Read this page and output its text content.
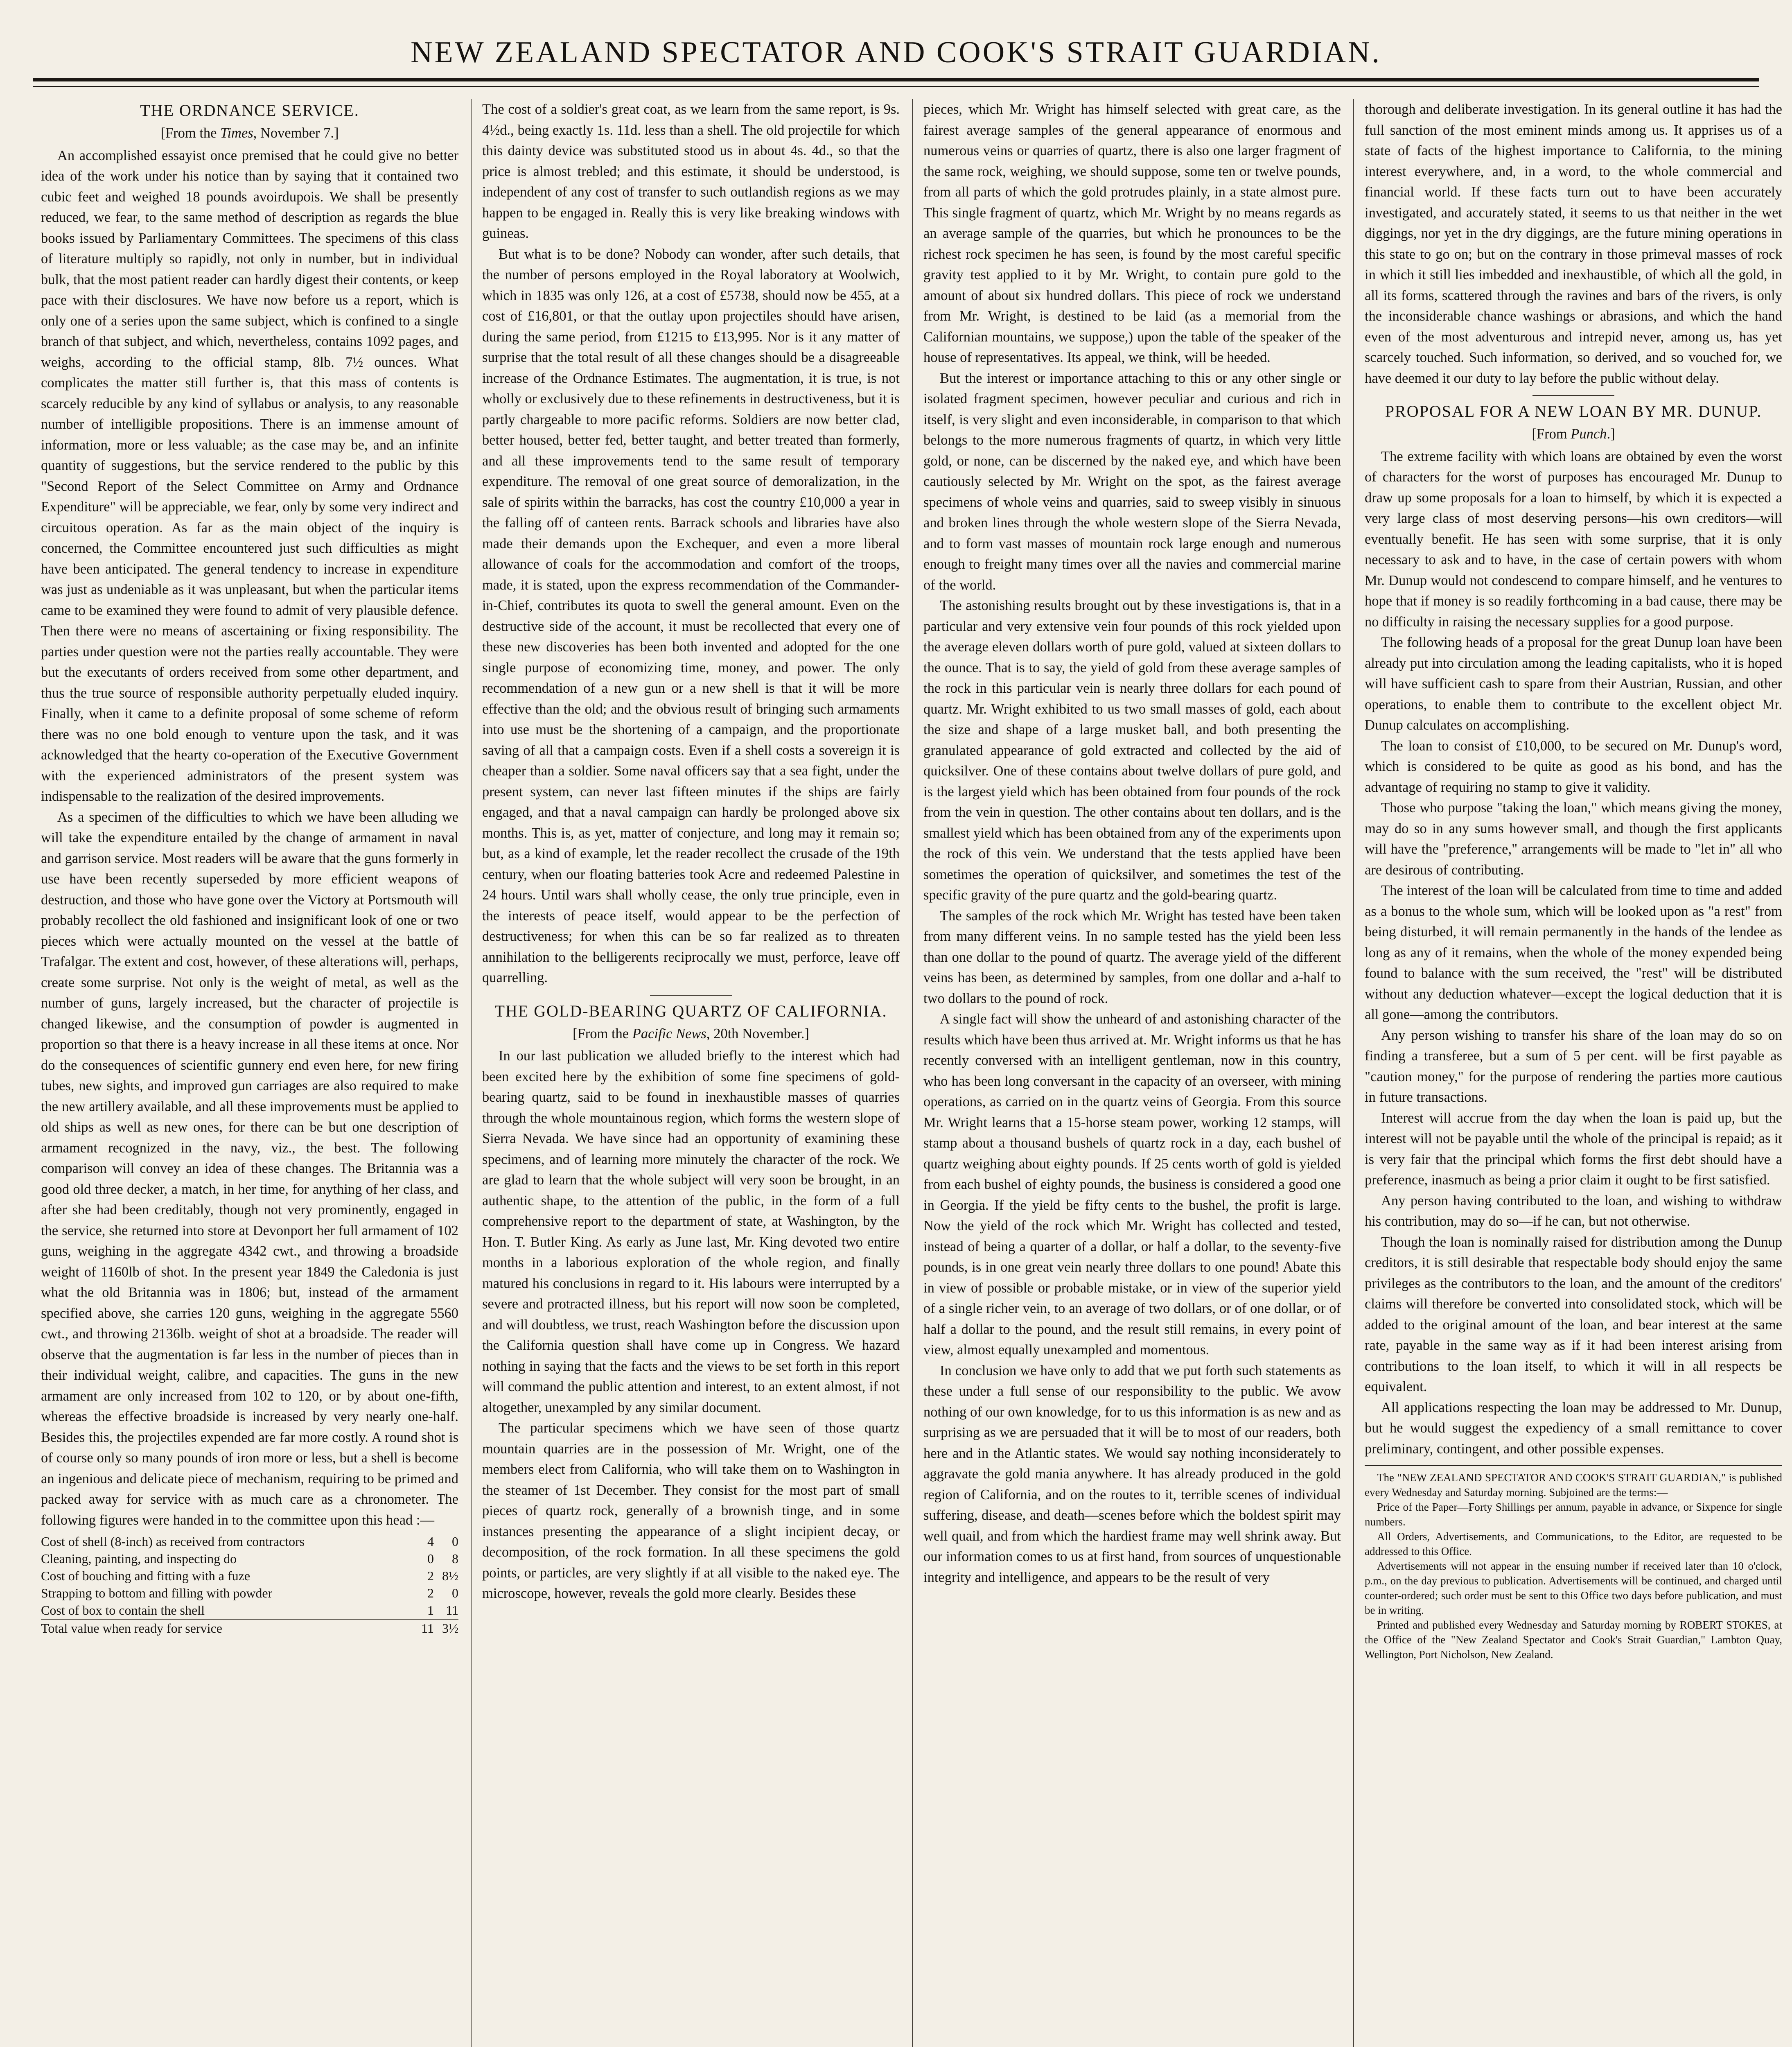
NEW ZEALAND SPECTATOR AND COOK'S STRAIT GUARDIAN.
THE ORDNANCE SERVICE.
[From the Times, November 7.]

An accomplished essayist once premised that he could give no better idea of the work under his notice than by saying that it contained two cubic feet and weighed 18 pounds avoirdupois. We shall be presently reduced, we fear, to the same method of description as regards the blue books issued by Parliamentary Committees. The specimens of this class of literature multiply so rapidly, not only in number, but in individual bulk, that the most patient reader can hardly digest their contents, or keep pace with their disclosures. We have now before us a report, which is only one of a series upon the same subject, which is confined to a single branch of that subject, and which, nevertheless, contains 1092 pages, and weighs, according to the official stamp, 8lb. 7½ ounces. What complicates the matter still further is, that this mass of contents is scarcely reducible by any kind of syllabus or analysis, to any reasonable number of intelligible propositions. There is an immense amount of information, more or less valuable; as the case may be, and an infinite quantity of suggestions, but the service rendered to the public by this "Second Report of the Select Committee on Army and Ordnance Expenditure" will be appreciable, we fear, only by some very indirect and circuitous operation. As far as the main object of the inquiry is concerned, the Committee encountered just such difficulties as might have been anticipated. The general tendency to increase in expenditure was just as undeniable as it was unpleasant, but when the particular items came to be examined they were found to admit of very plausible defence. Then there were no means of ascertaining or fixing responsibility. The parties under question were not the parties really accountable. They were but the executants of orders received from some other department, and thus the true source of responsible authority perpetually eluded inquiry. Finally, when it came to a definite proposal of some scheme of reform there was no one bold enough to venture upon the task, and it was acknowledged that the hearty co-operation of the Executive Government with the experienced administrators of the present system was indispensable to the realization of the desired improvements.

As a specimen of the difficulties to which we have been alluding we will take the expenditure entailed by the change of armament in naval and garrison service. Most readers will be aware that the guns formerly in use have been recently superseded by more efficient weapons of destruction, and those who have gone over the Victory at Portsmouth will probably recollect the old fashioned and insignificant look of one or two pieces which were actually mounted on the vessel at the battle of Trafalgar. The extent and cost, however, of these alterations will, perhaps, create some surprise. Not only is the weight of metal, as well as the number of guns, largely increased, but the character of projectile is changed likewise, and the consumption of powder is augmented in proportion so that there is a heavy increase in all these items at once. Nor do the consequences of scientific gunnery end even here, for new firing tubes, new sights, and improved gun carriages are also required to make the new artillery available, and all these improvements must be applied to old ships as well as new ones, for there can be but one description of armament recognized in the navy, viz., the best. The following comparison will convey an idea of these changes. The Britannia was a good old three decker, a match, in her time, for anything of her class, and after she had been creditably, though not very prominently, engaged in the service, she returned into store at Devonport her full armament of 102 guns, weighing in the aggregate 4342 cwt., and throwing a broadside weight of 1160lb of shot. In the present year 1849 the Caledonia is just what the old Britannia was in 1806; but, instead of the armament specified above, she carries 120 guns, weighing in the aggregate 5560 cwt., and throwing 2136lb. weight of shot at a broadside. The reader will observe that the augmentation is far less in the number of pieces than in their individual weight, calibre, and capacities. The guns in the new armament are only increased from 102 to 120, or by about one-fifth, whereas the effective broadside is increased by very nearly one-half. Besides this, the projectiles expended are far more costly. A round shot is of course only so many pounds of iron more or less, but a shell is become an ingenious and delicate piece of mechanism, requiring to be primed and packed away for service with as much care as a chronometer. The following figures were handed in to the committee upon this head :—

Cost of shell (8-inch) as received from contractors	4	0
Cleaning, painting, and inspecting do	0	8
Cost of bouching and fitting with a fuze	2	8½
Strapping to bottom and filling with powder	2	0
Cost of box to contain the shell	1	11
Total value when ready for service	11	3½

The cost of a soldier's great coat, as we learn from the same report, is 9s. 4½d., being exactly 1s. 11d. less than a shell. The old projectile for which this dainty device was substituted stood us in about 4s. 4d., so that the price is almost trebled; and this estimate, it should be understood, is independent of any cost of transfer to such outlandish regions as we may happen to be engaged in. Really this is very like breaking windows with guineas.

But what is to be done? Nobody can wonder, after such details, that the number of persons employed in the Royal laboratory at Woolwich, which in 1835 was only 126, at a cost of £5738, should now be 455, at a cost of £16,801, or that the outlay upon projectiles should have arisen, during the same period, from £1215 to £13,995. Nor is it any matter of surprise that the total result of all these changes should be a disagreeable increase of the Ordnance Estimates. The augmentation, it is true, is not wholly or exclusively due to these refinements in destructiveness, but it is partly chargeable to more pacific reforms. Soldiers are now better clad, better housed, better fed, better taught, and better treated than formerly, and all these improvements tend to the same result of temporary expenditure. The removal of one great source of demoralization, in the sale of spirits within the barracks, has cost the country £10,000 a year in the falling off of canteen rents. Barrack schools and libraries have also made their demands upon the Exchequer, and even a more liberal allowance of coals for the accommodation and comfort of the troops, made, it is stated, upon the express recommendation of the Commander-in-Chief, contributes its quota to swell the general amount. Even on the destructive side of the account, it must be recollected that every one of these new discoveries has been both invented and adopted for the one single purpose of economizing time, money, and power. The only recommendation of a new gun or a new shell is that it will be more effective than the old; and the obvious result of bringing such armaments into use must be the shortening of a campaign, and the proportionate saving of all that a campaign costs. Even if a shell costs a sovereign it is cheaper than a soldier. Some naval officers say that a sea fight, under the present system, can never last fifteen minutes if the ships are fairly engaged, and that a naval campaign can hardly be prolonged above six months. This is, as yet, matter of conjecture, and long may it remain so; but, as a kind of example, let the reader recollect the crusade of the 19th century, when our floating batteries took Acre and redeemed Palestine in 24 hours. Until wars shall wholly cease, the only true principle, even in the interests of peace itself, would appear to be the perfection of destructiveness; for when this can be so far realized as to threaten annihilation to the belligerents reciprocally we must, perforce, leave off quarrelling.

THE GOLD-BEARING QUARTZ OF CALIFORNIA.
[From the Pacific News, 20th November.]

In our last publication we alluded briefly to the interest which had been excited here by the exhibition of some fine specimens of gold-bearing quartz, said to be found in inexhaustible masses of quarries through the whole mountainous region, which forms the western slope of Sierra Nevada. We have since had an opportunity of examining these specimens, and of learning more minutely the character of the rock. We are glad to learn that the whole subject will very soon be brought, in an authentic shape, to the attention of the public, in the form of a full comprehensive report to the department of state, at Washington, by the Hon. T. Butler King. As early as June last, Mr. King devoted two entire months in a laborious exploration of the whole region, and finally matured his conclusions in regard to it. His labours were interrupted by a severe and protracted illness, but his report will now soon be completed, and will doubtless, we trust, reach Washington before the discussion upon the California question shall have come up in Congress. We hazard nothing in saying that the facts and the views to be set forth in this report will command the public attention and interest, to an extent almost, if not altogether, unexampled by any similar document.

The particular specimens which we have seen of those quartz mountain quarries are in the possession of Mr. Wright, one of the members elect from California, who will take them on to Washington in the steamer of 1st December. They consist for the most part of small pieces of quartz rock, generally of a brownish tinge, and in some instances presenting the appearance of a slight incipient decay, or decomposition, of the rock formation. In all these specimens the gold points, or particles, are very slightly if at all visible to the naked eye. The microscope, however, reveals the gold more clearly. Besides these

pieces, which Mr. Wright has himself selected with great care, as the fairest average samples of the general appearance of enormous and numerous veins or quarries of quartz, there is also one larger fragment of the same rock, weighing, we should suppose, some ten or twelve pounds, from all parts of which the gold protrudes plainly, in a state almost pure. This single fragment of quartz, which Mr. Wright by no means regards as an average sample of the quarries, but which he pronounces to be the richest rock specimen he has seen, is found by the most careful specific gravity test applied to it by Mr. Wright, to contain pure gold to the amount of about six hundred dollars. This piece of rock we understand from Mr. Wright, is destined to be laid (as a memorial from the Californian mountains, we suppose,) upon the table of the speaker of the house of representatives. Its appeal, we think, will be heeded.

But the interest or importance attaching to this or any other single or isolated fragment specimen, however peculiar and curious and rich in itself, is very slight and even inconsiderable, in comparison to that which belongs to the more numerous fragments of quartz, in which very little gold, or none, can be discerned by the naked eye, and which have been cautiously selected by Mr. Wright on the spot, as the fairest average specimens of whole veins and quarries, said to sweep visibly in sinuous and broken lines through the whole western slope of the Sierra Nevada, and to form vast masses of mountain rock large enough and numerous enough to freight many times over all the navies and commercial marine of the world.

The astonishing results brought out by these investigations is, that in a particular and very extensive vein four pounds of this rock yielded upon the average eleven dollars worth of pure gold, valued at sixteen dollars to the ounce. That is to say, the yield of gold from these average samples of the rock in this particular vein is nearly three dollars for each pound of quartz. Mr. Wright exhibited to us two small masses of gold, each about the size and shape of a large musket ball, and both presenting the granulated appearance of gold extracted and collected by the aid of quicksilver. One of these contains about twelve dollars of pure gold, and is the largest yield which has been obtained from four pounds of the rock from the vein in question. The other contains about ten dollars, and is the smallest yield which has been obtained from any of the experiments upon the rock of this vein. We understand that the tests applied have been sometimes the operation of quicksilver, and sometimes the test of the specific gravity of the pure quartz and the gold-bearing quartz.

The samples of the rock which Mr. Wright has tested have been taken from many different veins. In no sample tested has the yield been less than one dollar to the pound of quartz. The average yield of the different veins has been, as determined by samples, from one dollar and a-half to two dollars to the pound of rock.

A single fact will show the unheard of and astonishing character of the results which have been thus arrived at. Mr. Wright informs us that he has recently conversed with an intelligent gentleman, now in this country, who has been long conversant in the capacity of an overseer, with mining operations, as carried on in the quartz veins of Georgia. From this source Mr. Wright learns that a 15-horse steam power, working 12 stamps, will stamp about a thousand bushels of quartz rock in a day, each bushel of quartz weighing about eighty pounds. If 25 cents worth of gold is yielded from each bushel of eighty pounds, the business is considered a good one in Georgia. If the yield be fifty cents to the bushel, the profit is large. Now the yield of the rock which Mr. Wright has collected and tested, instead of being a quarter of a dollar, or half a dollar, to the seventy-five pounds, is in one great vein nearly three dollars to one pound! Abate this in view of possible or probable mistake, or in view of the superior yield of a single richer vein, to an average of two dollars, or of one dollar, or of half a dollar to the pound, and the result still remains, in every point of view, almost equally unexampled and momentous.

In conclusion we have only to add that we put forth such statements as these under a full sense of our responsibility to the public. We avow nothing of our own knowledge, for to us this information is as new and as surprising as we are persuaded that it will be to most of our readers, both here and in the Atlantic states. We would say nothing inconsiderately to aggravate the gold mania anywhere. It has already produced in the gold region of California, and on the routes to it, terrible scenes of individual suffering, disease, and death—scenes before which the boldest spirit may well quail, and from which the hardiest frame may well shrink away. But our information comes to us at first hand, from sources of unquestionable integrity and intelligence, and appears to be the result of very

thorough and deliberate investigation. In its general outline it has had the full sanction of the most eminent minds among us. It apprises us of a state of facts of the highest importance to California, to the mining interest everywhere, and, in a word, to the whole commercial and financial world. If these facts turn out to have been accurately investigated, and accurately stated, it seems to us that neither in the wet diggings, nor yet in the dry diggings, are the future mining operations in this state to go on; but on the contrary in those primeval masses of rock in which it still lies imbedded and inexhaustible, of which all the gold, in all its forms, scattered through the ravines and bars of the rivers, is only the inconsiderable chance washings or abrasions, and which the hand even of the most adventurous and intrepid never, among us, has yet scarcely touched. Such information, so derived, and so vouched for, we have deemed it our duty to lay before the public without delay.

PROPOSAL FOR A NEW LOAN BY MR. DUNUP.
[From Punch.]

The extreme facility with which loans are obtained by even the worst of characters for the worst of purposes has encouraged Mr. Dunup to draw up some proposals for a loan to himself, by which it is expected a very large class of most deserving persons—his own creditors—will eventually benefit. He has seen with some surprise, that it is only necessary to ask and to have, in the case of certain powers with whom Mr. Dunup would not condescend to compare himself, and he ventures to hope that if money is so readily forthcoming in a bad cause, there may be no difficulty in raising the necessary supplies for a good purpose.

The following heads of a proposal for the great Dunup loan have been already put into circulation among the leading capitalists, who it is hoped will have sufficient cash to spare from their Austrian, Russian, and other operations, to enable them to contribute to the excellent object Mr. Dunup calculates on accomplishing.

The loan to consist of £10,000, to be secured on Mr. Dunup's word, which is considered to be quite as good as his bond, and has the advantage of requiring no stamp to give it validity.

Those who purpose "taking the loan," which means giving the money, may do so in any sums however small, and though the first applicants will have the "preference," arrangements will be made to "let in" all who are desirous of contributing.

The interest of the loan will be calculated from time to time and added as a bonus to the whole sum, which will be looked upon as "a rest" from being disturbed, it will remain permanently in the hands of the lendee as long as any of it remains, when the whole of the money expended being found to balance with the sum received, the "rest" will be distributed without any deduction whatever—except the logical deduction that it is all gone—among the contributors.

Any person wishing to transfer his share of the loan may do so on finding a transferee, but a sum of 5 per cent. will be first payable as "caution money," for the purpose of rendering the parties more cautious in future transactions.

Interest will accrue from the day when the loan is paid up, but the interest will not be payable until the whole of the principal is repaid; as it is very fair that the principal which forms the first debt should have a preference, inasmuch as being a prior claim it ought to be first satisfied.

Any person having contributed to the loan, and wishing to withdraw his contribution, may do so—if he can, but not otherwise.

Though the loan is nominally raised for distribution among the Dunup creditors, it is still desirable that respectable body should enjoy the same privileges as the contributors to the loan, and the amount of the creditors' claims will therefore be converted into consolidated stock, which will be added to the original amount of the loan, and bear interest at the same rate, payable in the same way as if it had been interest arising from contributions to the loan itself, to which it will in all respects be equivalent.

All applications respecting the loan may be addressed to Mr. Dunup, but he would suggest the expediency of a small remittance to cover preliminary, contingent, and other possible expenses.

The "NEW ZEALAND SPECTATOR AND COOK'S STRAIT GUARDIAN," is published every Wednesday and Saturday morning. Subjoined are the terms:—

Price of the Paper—Forty Shillings per annum, payable in advance, or Sixpence for single numbers.

All Orders, Advertisements, and Communications, to the Editor, are requested to be addressed to this Office.

Advertisements will not appear in the ensuing number if received later than 10 o'clock, p.m., on the day previous to publication. Advertisements will be continued, and charged until counter-ordered; such order must be sent to this Office two days before publication, and must be in writing.

Printed and published every Wednesday and Saturday morning by ROBERT STOKES, at the Office of the "New Zealand Spectator and Cook's Strait Guardian," Lambton Quay, Wellington, Port Nicholson, New Zealand.
